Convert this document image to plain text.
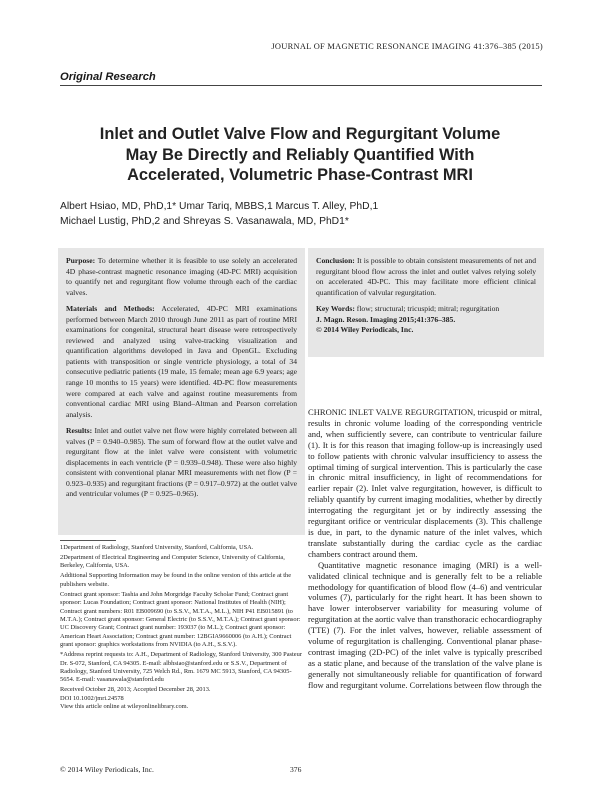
JOURNAL OF MAGNETIC RESONANCE IMAGING 41:376–385 (2015)
Original Research
Inlet and Outlet Valve Flow and Regurgitant Volume
May Be Directly and Reliably Quantified With
Accelerated, Volumetric Phase-Contrast MRI
Albert Hsiao, MD, PhD,1* Umar Tariq, MBBS,1 Marcus T. Alley, PhD,1
Michael Lustig, PhD,2 and Shreyas S. Vasanawala, MD, PhD1*

Purpose: To determine whether it is feasible to use solely an accelerated 4D phase-contrast magnetic resonance imaging (4D-PC MRI) acquisition to quantify net and regurgitant flow volume through each of the cardiac valves.

Materials and Methods: Accelerated, 4D-PC MRI examinations performed between March 2010 through June 2011 as part of routine MRI examinations for congenital, structural heart disease were retrospectively reviewed and analyzed using valve-tracking visualization and quantification algorithms developed in Java and OpenGL. Excluding patients with transposition or single ventricle physiology, a total of 34 consecutive pediatric patients (19 male, 15 female; mean age 6.9 years; age range 10 months to 15 years) were identified. 4D-PC flow measurements were compared at each valve and against routine measurements from conventional cardiac MRI using Bland–Altman and Pearson correlation analysis.

Results: Inlet and outlet valve net flow were highly correlated between all valves (P = 0.940–0.985). The sum of forward flow at the outlet valve and regurgitant flow at the inlet valve were consistent with volumetric displacements in each ventricle (P = 0.939–0.948). These were also highly consistent with conventional planar MRI measurements with net flow (P = 0.923–0.935) and regurgitant fractions (P = 0.917–0.972) at the outlet valve and ventricular volumes (P = 0.925–0.965).

Conclusion: It is possible to obtain consistent measurements of net and regurgitant blood flow across the inlet and outlet valves relying solely on accelerated 4D-PC. This may facilitate more efficient clinical quantification of valvular regurgitation.

Key Words: flow; structural; tricuspid; mitral; regurgitation

J. Magn. Reson. Imaging 2015;41:376–385.
© 2014 Wiley Periodicals, Inc.

1Department of Radiology, Stanford University, Stanford, California, USA.

2Department of Electrical Engineering and Computer Science, University of California, Berkeley, California, USA.

Additional Supporting Information may be found in the online version of this article at the publishers website.

Contract grant sponsor: Tashia and John Morgridge Faculty Scholar Fund; Contract grant sponsor: Lucas Foundation; Contract grant sponsor: National Institutes of Health (NIH); Contract grant numbers: R01 EB009690 (to S.S.V., M.T.A., M.L.), NIH P41 EB015891 (to M.T.A.); Contract grant sponsor: General Electric (to S.S.V., M.T.A.); Contract grant sponsor: UC Discovery Grant; Contract grant number: 193037 (to M.L.); Contract grant sponsor: American Heart Association; Contract grant number: 12BGIA9660006 (to A.H.); Contract grant sponsor: graphics workstations from NVIDIA (to A.H., S.S.V.).

*Address reprint requests to: A.H., Department of Radiology, Stanford University, 300 Pasteur Dr. S-072, Stanford, CA 94305. E-mail: albhsiao@stanford.edu or S.S.V., Department of Radiology, Stanford University, 725 Welch Rd., Rm. 1679 MC 5913, Stanford, CA 94305-5654. E-mail: vasanawala@stanford.edu

Received October 28, 2013; Accepted December 28, 2013.

DOI 10.1002/jmri.24578

View this article online at wileyonlinelibrary.com.

CHRONIC INLET VALVE REGURGITATION, tricuspid or mitral, results in chronic volume loading of the corresponding ventricle and, when sufficiently severe, can contribute to ventricular failure (1). It is for this reason that imaging follow-up is increasingly used to follow patients with chronic valvular insufficiency to assess the optimal timing of surgical intervention. This is particularly the case in chronic mitral insufficiency, in light of recommendations for earlier repair (2). Inlet valve regurgitation, however, is difficult to reliably quantify by current imaging modalities, whether by directly interrogating the regurgitant jet or by indirectly assessing the regurgitant orifice or ventricular displacements (3). This challenge is due, in part, to the dynamic nature of the inlet valves, which translate substantially during the cardiac cycle as the cardiac chambers contract around them.

Quantitative magnetic resonance imaging (MRI) is a well-validated clinical technique and is generally felt to be a reliable methodology for quantification of blood flow (4–6) and ventricular volumes (7), particularly for the right heart. It has been shown to have lower interobserver variability for measuring volume of regurgitation at the aortic valve than transthoracic echocardiography (TTE) (7). For the inlet valves, however, reliable assessment of volume of regurgitation is challenging. Conventional planar phase-contrast imaging (2D-PC) of the inlet valve is typically prescribed as a static plane, and because of the translation of the valve plane is generally not simultaneously reliable for quantification of forward flow and regurgitant volume. Correlations between flow through the

© 2014 Wiley Periodicals, Inc.	376
